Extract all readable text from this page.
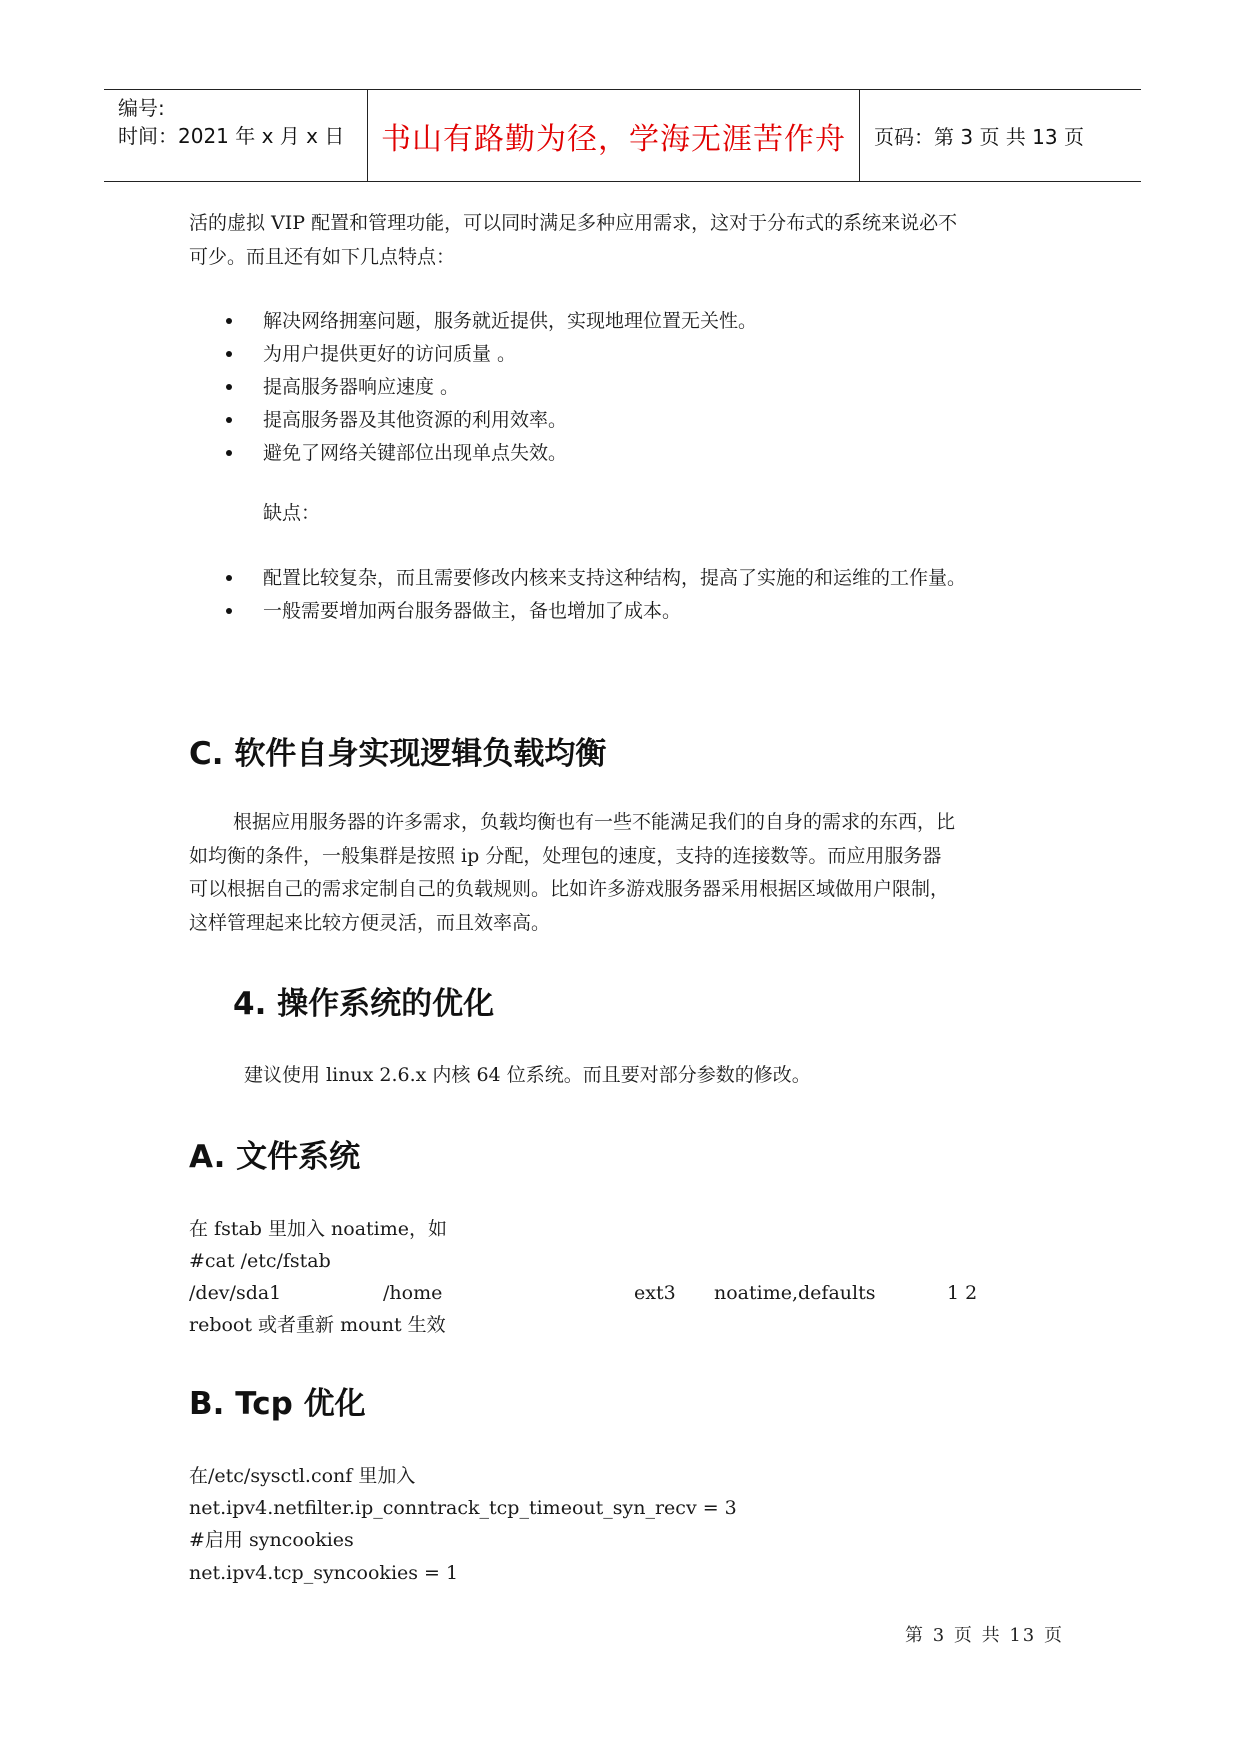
编号:
时间：2021 年 x 月 x 日	书山有路勤为径，学海无涯苦作舟	页码：第 3 页 共 13 页
活的虚拟 VIP 配置和管理功能，可以同时满足多种应用需求，这对于分布式的系统来说必不
可少。而且还有如下几点特点：
解决网络拥塞问题，服务就近提供，实现地理位置无关性。
为用户提供更好的访问质量 。
提高服务器响应速度 。
提高服务器及其他资源的利用效率。
避免了网络关键部位出现单点失效。
缺点：
配置比较复杂，而且需要修改内核来支持这种结构，提高了实施的和运维的工作量。
一般需要增加两台服务器做主，备也增加了成本。
C. 软件自身实现逻辑负载均衡
根据应用服务器的许多需求，负载均衡也有一些不能满足我们的自身的需求的东西，比
如均衡的条件，一般集群是按照 ip 分配，处理包的速度，支持的连接数等。而应用服务器
可以根据自己的需求定制自己的负载规则。比如许多游戏服务器采用根据区域做用户限制，
这样管理起来比较方便灵活，而且效率高。
4. 操作系统的优化
建议使用 linux 2.6.x 内核 64 位系统。而且要对部分参数的修改。
A. 文件系统
在 fstab 里加入 noatime，如
#cat /etc/fstab
/dev/sda1	/home	ext3 noatime,defaults	1 2
reboot 或者重新 mount 生效
B. Tcp 优化
在/etc/sysctl.conf 里加入
net.ipv4.netfilter.ip_conntrack_tcp_timeout_syn_recv = 3
#启用 syncookies
net.ipv4.tcp_syncookies = 1
第 3 页 共 13 页
